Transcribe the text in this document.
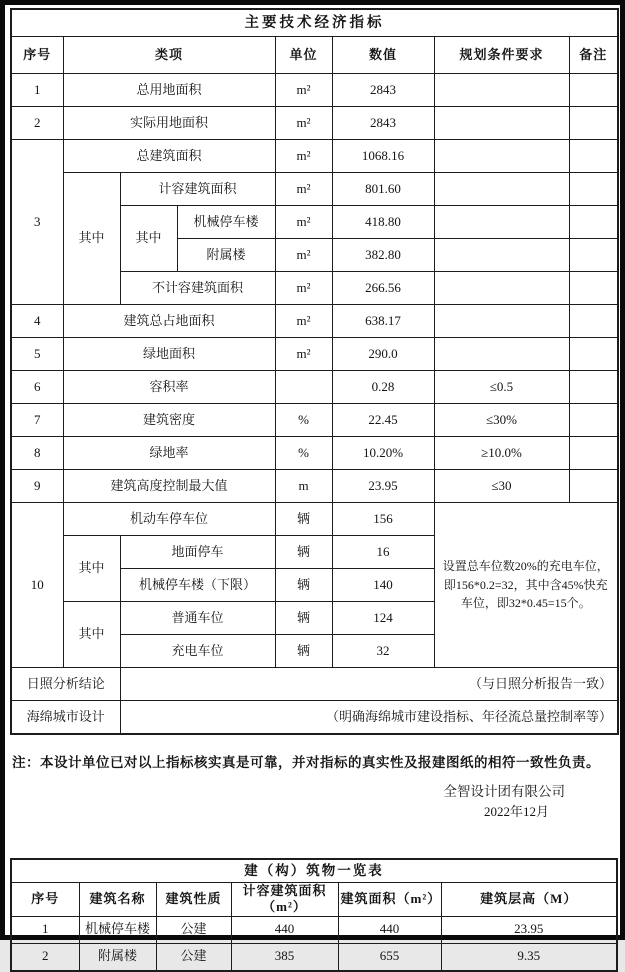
主要技术经济指标							
序号	类项			单位	数值	规划条件要求	备注
1	总用地面积			m²	2843		
2	实际用地面积			m²	2843		
3	总建筑面积			m²	1068.16		
	其中	计容建筑面积		m²	801.60		
		其中	机械停车楼	m²	418.80		
			附属楼	m²	382.80		
		不计容建筑面积		m²	266.56		
4	建筑总占地面积			m²	638.17		
5	绿地面积			m²	290.0		
6	容积率				0.28	≤0.5	
7	建筑密度			%	22.45	≤30%	
8	绿地率			%	10.20%	≥10.0%	
9	建筑高度控制最大值			m	23.95	≤30	
10	机动车停车位			辆	156	设置总车位数20%的充电车位，即156*0.2=32，其中含45%快充车位，即32*0.45=15个。	
	其中	地面停车		辆	16		
		机械停车楼（下限）		辆	140		
	其中	普通车位		辆	124		
		充电车位		辆	32		
日照分析结论		（与日照分析报告一致）					
海绵城市设计		（明确海绵城市建设指标、年径流总量控制率等）					
注：本设计单位已对以上指标核实真是可靠，并对指标的真实性及报建图纸的相符一致性负责。
全智设计团有限公司
2022年12月
建（构）筑物一览表					
序号	建筑名称	建筑性质	计容建筑面积（m²）	建筑面积（m²）	建筑层高（M）
1	机械停车楼	公建	440	440	23.95
2	附属楼	公建	385	655	9.35
